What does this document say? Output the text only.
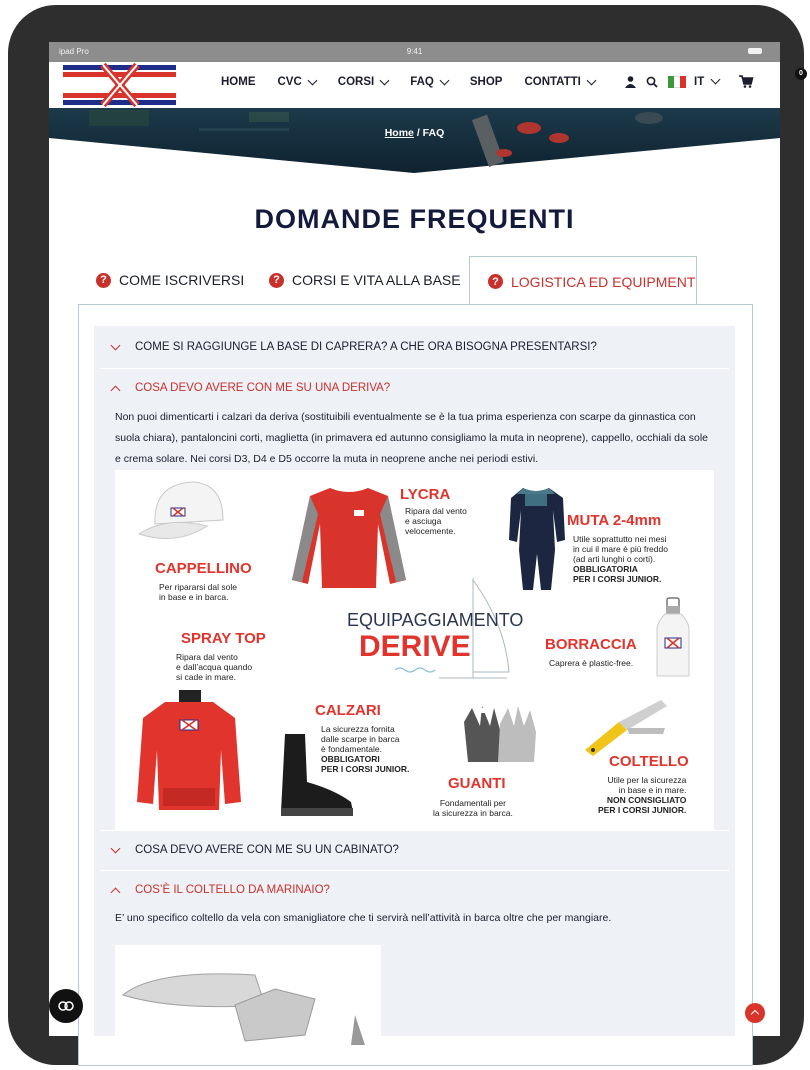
ipad Pro	9:41
HOME CVC	CORSI	FAQ	SHOP CONTATTI	IT
0
Home / FAQ
DOMANDE FREQUENTI
? COME ISCRIVERSI	? CORSI E VITA ALLA BASE	? LOGISTICA ED EQUIPMENT
COME SI RAGGIUNGE LA BASE DI CAPRERA? A CHE ORA BISOGNA PRESENTARSI?
COSA DEVO AVERE CON ME SU UNA DERIVA?
Non puoi dimenticarti i calzari da deriva (sostituibili eventualmente se è la tua prima esperienza con scarpe da ginnastica con suola chiara), pantaloncini corti, maglietta (in primavera ed autunno consigliamo la muta in neoprene), cappello, occhiali da sole e crema solare. Nei corsi D3, D4 e D5 occorre la muta in neoprene anche nei periodi estivi.
COSA DEVO AVERE CON ME SU UN CABINATO?
COS’È IL COLTELLO DA MARINAIO?
E’ uno specifico coltello da vela con smanigliatore che ti servirà nell’attività in barca oltre che per mangiare.
CAPPELLINO
Per ripararsi dal sole
in base e in barca.
LYCRA
Ripara dal vento
e asciuga
velocemente.
MUTA 2-4mm
Utile soprattutto nei mesi
in cui il mare è più freddo
(ad arti lunghi o corti).
OBBLIGATORIA
PER I CORSI JUNIOR.
EQUIPAGGIAMENTO
DERIVE	BORRACCIA
Caprera è plastic-free.
SPRAY TOP
Ripara dal vento
e dall’acqua quando
si cade in mare.
CALZARI
La sicurezza fornita
dalle scarpe in barca
è fondamentale.
OBBLIGATORI
PER I CORSI JUNIOR.
GUANTI
Fondamentali per
la sicurezza in barca.
COLTELLO
Utile per la sicurezza
in base e in mare.
NON CONSIGLIATO
PER I CORSI JUNIOR.
